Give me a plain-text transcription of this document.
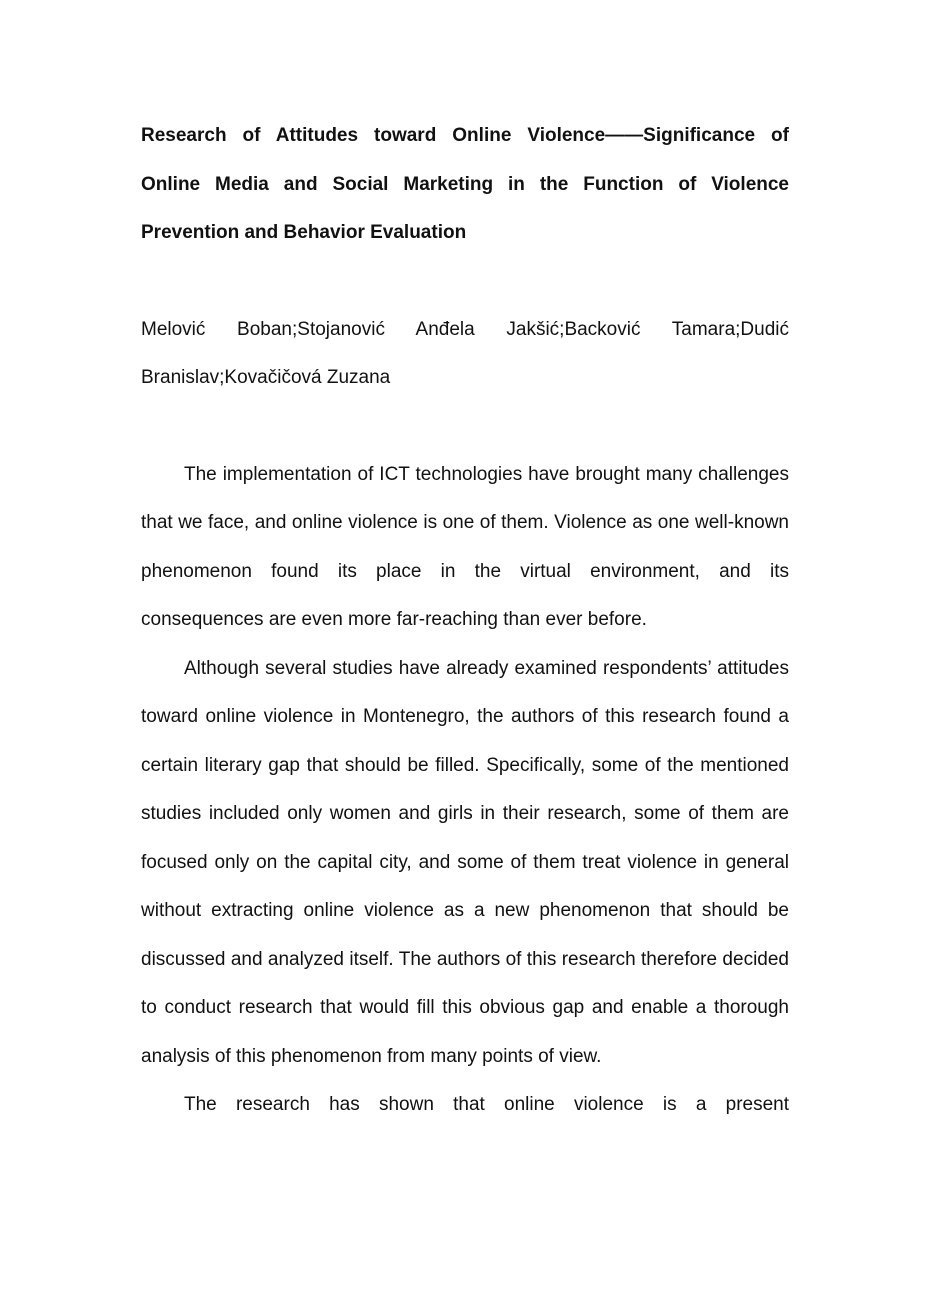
Research of Attitudes toward Online Violence——Significance of Online Media and Social Marketing in the Function of Violence Prevention and Behavior Evaluation

Melović Boban;Stojanović Anđela Jakšić;Backović Tamara;Dudić Branislav;Kovačičová Zuzana

The implementation of ICT technologies have brought many challenges that we face, and online violence is one of them. Violence as one well-known phenomenon found its place in the virtual environment, and its consequences are even more far-reaching than ever before.

Although several studies have already examined respondents’ attitudes toward online violence in Montenegro, the authors of this research found a certain literary gap that should be filled. Specifically, some of the mentioned studies included only women and girls in their research, some of them are focused only on the capital city, and some of them treat violence in general without extracting online violence as a new phenomenon that should be discussed and analyzed itself. The authors of this research therefore decided to conduct research that would fill this obvious gap and enable a thorough analysis of this phenomenon from many points of view.

The research has shown that online violence is a present
